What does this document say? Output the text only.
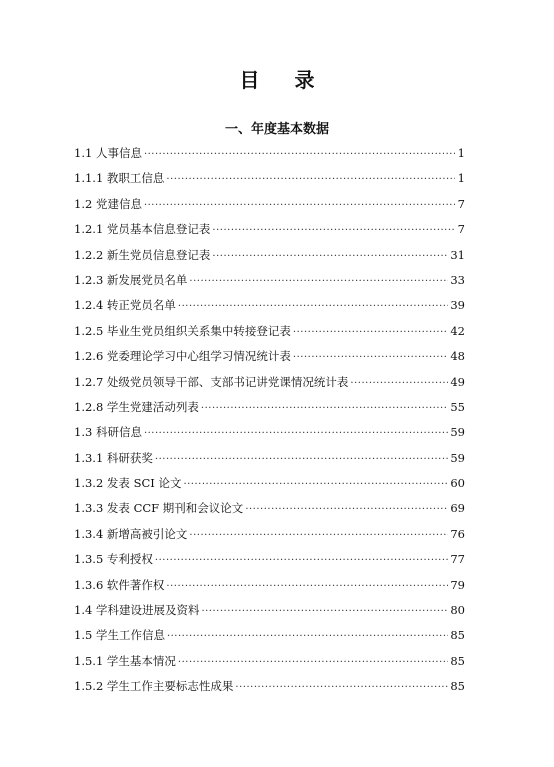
目 录
一、年度基本数据
1.1 人事信息 ·····	1
1.1.1 教职工信息 ·····	1
1.2 党建信息 ·····	7
1.2.1 党员基本信息登记表 ·····	7
1.2.2 新生党员信息登记表 ·····	31
1.2.3 新发展党员名单 ·····	33
1.2.4 转正党员名单 ·····	39
1.2.5 毕业生党员组织关系集中转接登记表 ·····	42
1.2.6 党委理论学习中心组学习情况统计表 ·····	48
1.2.7 处级党员领导干部、支部书记讲党课情况统计表 ·····	49
1.2.8 学生党建活动列表 ·····	55
1.3 科研信息 ·····	59
1.3.1 科研获奖 ·····	59
1.3.2 发表 SCI 论文 ·····	60
1.3.3 发表 CCF 期刊和会议论文 ·····	69
1.3.4 新增高被引论文 ·····	76
1.3.5 专利授权 ·····	77
1.3.6 软件著作权 ·····	79
1.4 学科建设进展及资料 ·····	80
1.5 学生工作信息 ·····	85
1.5.1 学生基本情况 ·····	85
1.5.2 学生工作主要标志性成果 ·····	85
